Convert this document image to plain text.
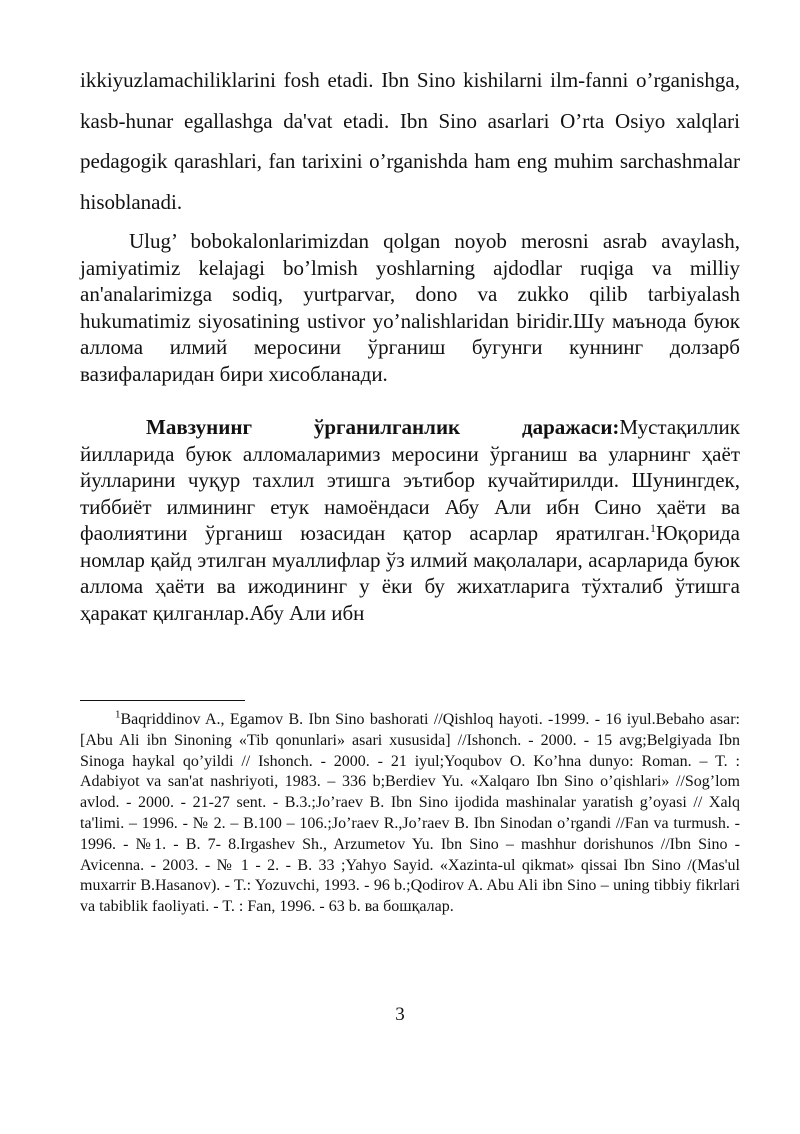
ikkiyuzlamachiliklarini fosh etadi. Ibn Sino kishilarni ilm-fanni o’rganishga, kasb-hunar egallashga da'vat etadi. Ibn Sino asarlari O’rta Osiyo xalqlari pedagogik qarashlari, fan tarixini o’rganishda ham eng muhim sarchashmalar hisoblanadi.

Ulug’ bobokalonlarimizdan qolgan noyob merosni asrab avaylash, jamiyatimiz kelajagi bo’lmish yoshlarning ajdodlar ruqiga va milliy an'analarimizga sodiq, yurtparvar, dono va zukko qilib tarbiyalash hukumatimiz siyosatining ustivor yo’nalishlaridan biridir.Шу маънода буюк аллома илмий меросини ўрганиш бугунги куннинг долзарб вазифаларидан бири хисобланади.

Мавзунинг ўрганилганлик даражаси:Мустақиллик йилларида буюк алломаларимиз меросини ўрганиш ва уларнинг ҳаёт йулларини чуқур тахлил этишга эътибор кучайтирилди. Шунингдек, тиббиёт илмининг етук намоёндаси Абу Али ибн Сино ҳаёти ва фаолиятини ўрганиш юзасидан қатор асарлар яратилган.$^1$Юқорида номлар қайд этилган муаллифлар ўз илмий мақолалари, асарларида буюк аллома ҳаёти ва ижодининг у ёки бу жихатларига тўхталиб ўтишга ҳаракат қилганлар.Абу Али ибн

$^1$Baqriddinov A., Egamov B. Ibn Sino bashorati //Qishloq hayoti. -1999. - 16 iyul.Bebaho asar: [Abu Ali ibn Sinoning «Tib qonunlari» asari xususida] //Ishonch. - 2000. - 15 avg;Belgiyada Ibn Sinoga haykal qo’yildi // Ishonch. - 2000. - 21 iyul;Yoqubov O. Ko’hna dunyo: Roman. – T. : Adabiyot va san'at nashriyoti, 1983. – 336 b;Berdiev Yu. «Xalqaro Ibn Sino o’qishlari» //Sog’lom avlod. - 2000. - 21-27 sent. - B.3.;Jo’raev B. Ibn Sino ijodida mashinalar yaratish g’oyasi // Xalq ta'limi. – 1996. - № 2. – B.100 – 106.;Jo’raev R.,Jo’raev B. Ibn Sinodan o’rgandi //Fan va turmush. - 1996. - №1. - B. 7- 8.Irgashev Sh., Arzumetov Yu. Ibn Sino – mashhur dorishunos //Ibn Sino - Avicenna. - 2003. - № 1 - 2. - B. 33 ;Yahyo Sayid. «Xazinta-ul qikmat» qissai Ibn Sino /(Mas'ul muxarrir B.Hasanov). - T.: Yozuvchi, 1993. - 96 b.;Qodirov A. Abu Ali ibn Sino – uning tibbiy fikrlari va tabiblik faoliyati. - T. : Fan, 1996. - 63 b. ва бошқалар.

3
